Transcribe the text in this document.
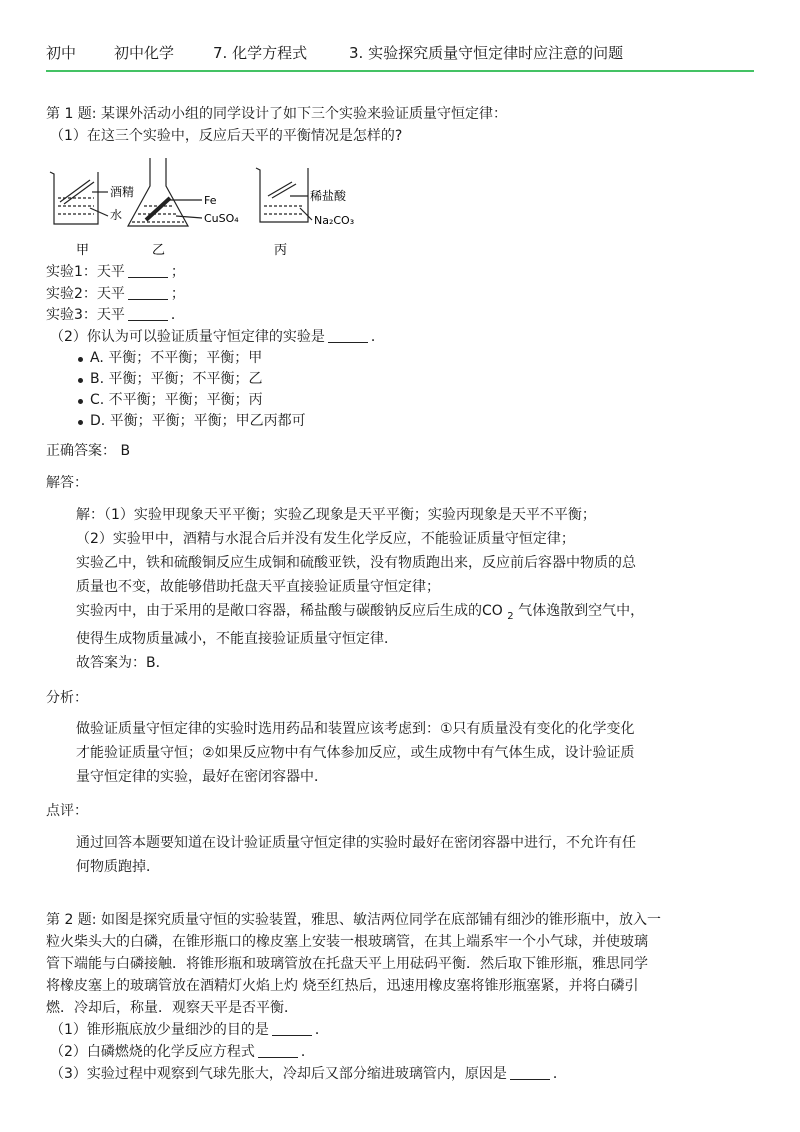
初中	初中化学	7. 化学方程式	3. 实验探究质量守恒定律时应注意的问题
第 1 题: 某课外活动小组的同学设计了如下三个实验来验证质量守恒定律：
（1）在这三个实验中，反应后天平的平衡情况是怎样的?
酒精
水
Fe
CuSO₄
稀盐酸
Na₂CO₃
甲	乙	丙
实验1：天平	；
实验2：天平	；
实验3：天平	．
（2）你认为可以验证质量守恒定律的实验是	．
A. 平衡；不平衡；平衡；甲
B. 平衡；平衡；不平衡；乙
C. 不平衡；平衡；平衡；丙
D. 平衡；平衡；平衡；甲乙丙都可
正确答案： B
解答：
解：（1）实验甲现象天平平衡；实验乙现象是天平平衡；实验丙现象是天平不平衡；
（2）实验甲中，酒精与水混合后并没有发生化学反应，不能验证质量守恒定律；
实验乙中，铁和硫酸铜反应生成铜和硫酸亚铁，没有物质跑出来，反应前后容器中物质的总
质量也不变，故能够借助托盘天平直接验证质量守恒定律；
实验丙中，由于采用的是敞口容器，稀盐酸与碳酸钠反应后生成的CO $_2$ 气体逸散到空气中，
使得生成物质量减小，不能直接验证质量守恒定律．
故答案为：B．
分析：
做验证质量守恒定律的实验时选用药品和装置应该考虑到：①只有质量没有变化的化学变化
才能验证质量守恒；②如果反应物中有气体参加反应，或生成物中有气体生成，设计验证质
量守恒定律的实验，最好在密闭容器中．
点评：
通过回答本题要知道在设计验证质量守恒定律的实验时最好在密闭容器中进行，不允许有任
何物质跑掉．
第 2 题: 如图是探究质量守恒的实验装置，雅思、敏洁两位同学在底部铺有细沙的锥形瓶中，放入一
粒火柴头大的白磷，在锥形瓶口的橡皮塞上安装一根玻璃管，在其上端系牢一个小气球，并使玻璃
管下端能与白磷接触．将锥形瓶和玻璃管放在托盘天平上用砝码平衡．然后取下锥形瓶，雅思同学
将橡皮塞上的玻璃管放在酒精灯火焰上灼 烧至红热后，迅速用橡皮塞将锥形瓶塞紧，并将白磷引
燃．冷却后，称量．观察天平是否平衡．
（1）锥形瓶底放少量细沙的目的是	．
（2）白磷燃烧的化学反应方程式	．
（3）实验过程中观察到气球先胀大，冷却后又部分缩进玻璃管内，原因是	．
